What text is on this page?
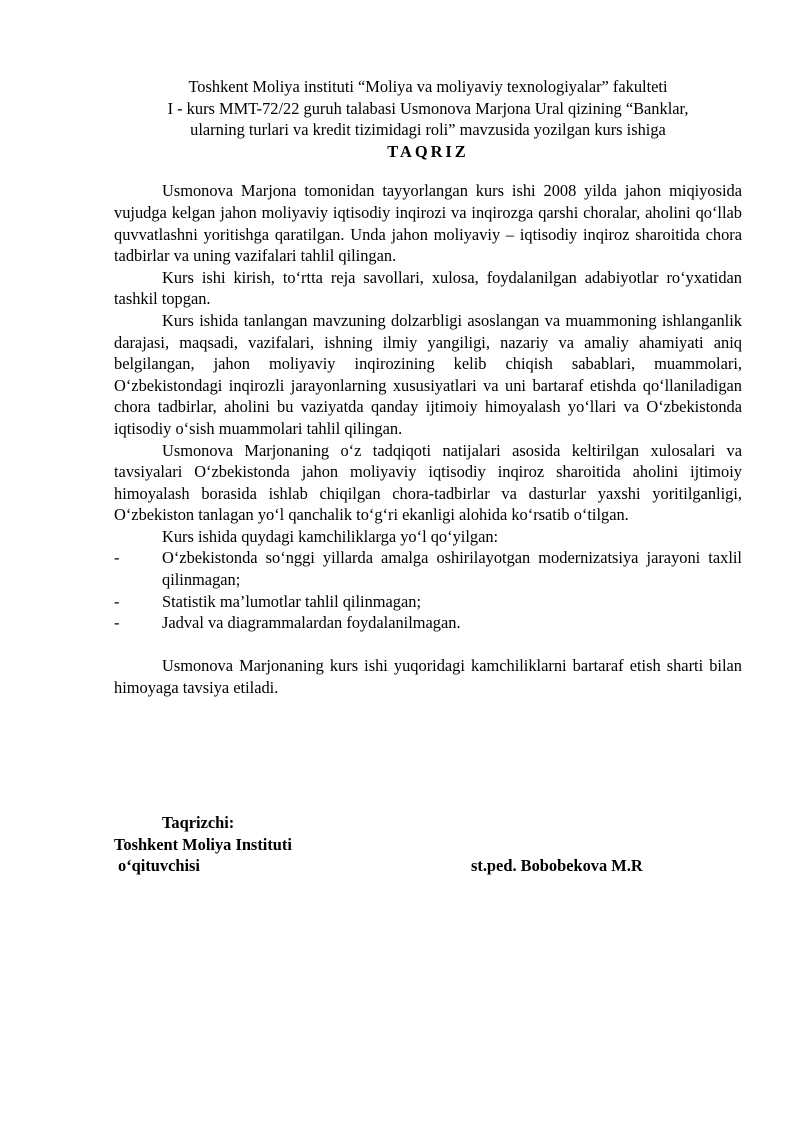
Toshkent Moliya instituti “Moliya va moliyaviy texnologiyalar” fakulteti

I - kurs MMT-72/22 guruh talabasi Usmonova Marjona Ural qizining “Banklar,

ularning turlari va kredit tizimidagi roli” mavzusida yozilgan kurs ishiga

TAQRIZ

Usmonova Marjona tomonidan tayyorlangan kurs ishi 2008 yilda jahon miqiyosida vujudga kelgan jahon moliyaviy iqtisodiy inqirozi va inqirozga qarshi choralar, aholini qo‘llab quvvatlashni yoritishga qaratilgan. Unda jahon moliyaviy – iqtisodiy inqiroz sharoitida chora tadbirlar va uning vazifalari tahlil qilingan.

Kurs ishi kirish, to‘rtta reja savollari, xulosa, foydalanilgan adabiyotlar ro‘yxatidan tashkil topgan.

Kurs ishida tanlangan mavzuning dolzarbligi asoslangan va muammoning ishlanganlik darajasi, maqsadi, vazifalari, ishning ilmiy yangiligi, nazariy va amaliy ahamiyati aniq belgilangan, jahon moliyaviy inqirozining kelib chiqish sabablari, muammolari, O‘zbekistondagi inqirozli jarayonlarning xususiyatlari va uni bartaraf etishda qo‘llaniladigan chora tadbirlar, aholini bu vaziyatda qanday ijtimoiy himoyalash yo‘llari va O‘zbekistonda iqtisodiy o‘sish muammolari tahlil qilingan.

Usmonova Marjonaning o‘z tadqiqoti natijalari asosida keltirilgan xulosalari va tavsiyalari O‘zbekistonda jahon moliyaviy iqtisodiy inqiroz sharoitida aholini ijtimoiy himoyalash borasida ishlab chiqilgan chora-tadbirlar va dasturlar yaxshi yoritilganligi, O‘zbekiston tanlagan yo‘l qanchalik to‘g‘ri ekanligi alohida ko‘rsatib o‘tilgan.

Kurs ishida quydagi kamchiliklarga yo‘l qo‘yilgan:

-	O‘zbekistonda so‘nggi yillarda amalga oshirilayotgan modernizatsiya jarayoni taxlil qilinmagan;
-	Statistik ma’lumotlar tahlil qilinmagan;
-	Jadval va diagrammalardan foydalanilmagan.

Usmonova Marjonaning kurs ishi yuqoridagi kamchiliklarni bartaraf etish sharti bilan himoyaga tavsiya etiladi.

Taqrizchi:

Toshkent Moliya Instituti

o‘qituvchisi	st.ped. Bobobekova M.R
